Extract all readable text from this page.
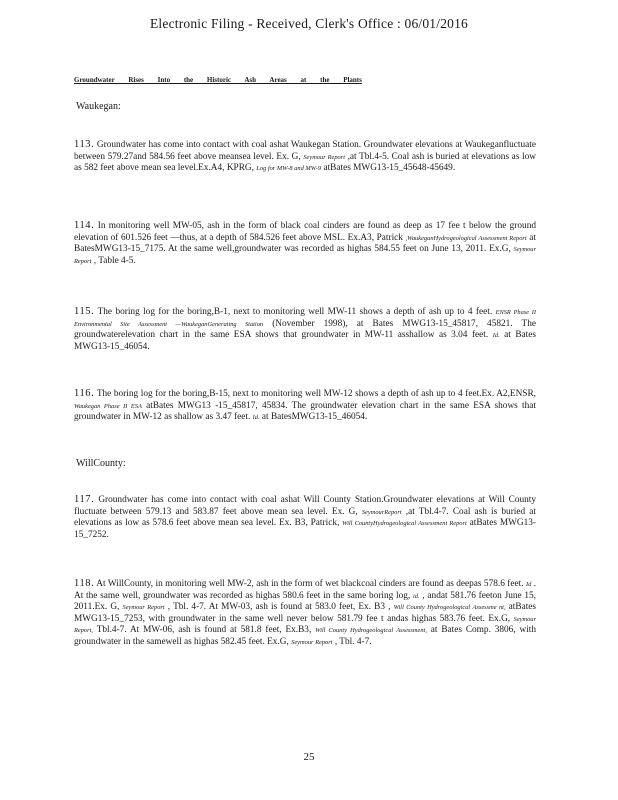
Electronic Filing - Received, Clerk's Office : 06/01/2016
Groundwater Rises Into the Historic Ash Areas at the Plants
Waukegan:
113. Groundwater has come into contact with coal ashat Waukegan Station. Groundwater elevations at Waukeganfluctuate between 579.27and 584.56 feet above meansea level. Ex. G, Seymour Report ,at Tbl.4-5. Coal ash is buried at elevations as low as 582 feet above mean sea level.Ex.A4, KPRG, Log for MW-8 and MW-9 atBates MWG13-15_45648-45649.
114. In monitoring well MW-05, ash in the form of black coal cinders are found as deep as 17 fee t below the ground elevation of 601.526 feet —thus, at a depth of 584.526 feet above MSL. Ex.A3, Patrick ,WaukeganHydrogeological Assessment Report at BatesMWG13-15_7175. At the same well,groundwater was recorded as highas 584.55 feet on June 13, 2011. Ex.G, Seymour Report , Table 4-5.
115. The boring log for the boring,B-1, next to monitoring well MW-11 shows a depth of ash up to 4 feet. ENSR Phase II Environmental Site Assessment —WaukeganGenerating Station (November 1998), at Bates MWG13-15_45817, 45821. The groundwaterelevation chart in the same ESA shows that groundwater in MW-11 asshallow as 3.04 feet. Id. at Bates MWG13-15_46054.
116. The boring log for the boring,B-15, next to monitoring well MW-12 shows a depth of ash up to 4 feet.Ex. A2,ENSR, Waukegan Phase II ESA atBates MWG13 -15_45817, 45834. The groundwater elevation chart in the same ESA shows that groundwater in MW-12 as shallow as 3.47 feet. Id. at BatesMWG13-15_46054.
WillCounty:
117. Groundwater has come into contact with coal ashat Will County Station.Groundwater elevations at Will County fluctuate between 579.13 and 583.87 feet above mean sea level. Ex. G, SeymourReport ,at Tbl.4-7. Coal ash is buried at elevations as low as 578.6 feet above mean sea level. Ex. B3, Patrick, Will CountyHydrogeological Assessment Report atBates MWG13-15_7252.
118. At WillCounty, in monitoring well MW-2, ash in the form of wet blackcoal cinders are found as deepas 578.6 feet. Id . At the same well, groundwater was recorded as highas 580.6 feet in the same boring log, id. , andat 581.76 feeton June 15, 2011.Ex. G, Seymour Report , Tbl. 4-7. At MW-03, ash is found at 583.0 feet, Ex. B3 , Will County Hydrogeological Assessme nt, atBates MWG13-15_7253, with groundwater in the same well never below 581.79 fee t andas highas 583.76 feet. Ex.G, Seymour Report, Tbl.4-7. At MW-06, ash is found at 581.8 feet, Ex.B3, Will County Hydrogeological Assessment, at Bates Comp. 3806, with groundwater in the samewell as highas 582.45 feet. Ex.G, Seymour Report , Tbl. 4-7.
25
